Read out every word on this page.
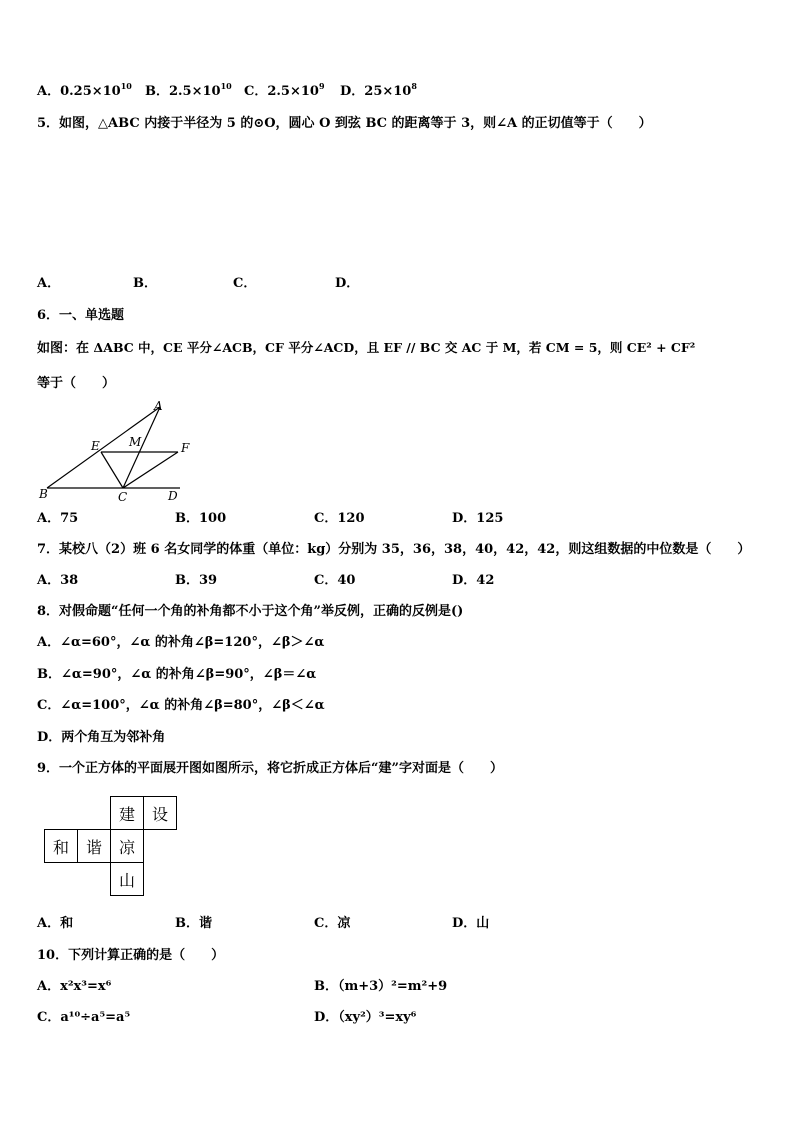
A．$0.25\times 10^{10}$ B．$2.5\times 10^{10}$ C．$2.5\times 10^9$ D．$25\times 10^8$
5．如图，△ABC 内接于半径为 5 的⊙O，圆心 O 到弦 BC 的距离等于 3，则∠A 的正切值等于（　　）
A．	B．	C．	D．
6．一、单选题
如图：在 ΔABC 中，CE 平分∠ACB，CF 平分∠ACD，且 EF // BC 交 AC 于 M，若 CM = 5，则 CE² + CF²
等于（　　）
A
E M	F
B	C	D
A．75	B．100	C．120	D．125
7．某校八（2）班 6 名女同学的体重（单位：kg）分别为 35，36，38，40，42，42，则这组数据的中位数是（　　）
A．38	B．39	C．40	D．42
8．对假命题“任何一个角的补角都不小于这个角”举反例，正确的反例是()
A．∠α=60°，∠α 的补角∠β=120°，∠β＞∠α
B．∠α=90°，∠α 的补角∠β=90°，∠β＝∠α
C．∠α=100°，∠α 的补角∠β=80°，∠β＜∠α
D．两个角互为邻补角
9．一个正方体的平面展开图如图所示，将它折成正方体后“建”字对面是（　　）
建	设
和	谐	凉
山
A．和	B．谐	C．凉	D．山
10．下列计算正确的是（　　）
A．x²x³=x⁶	B．（m+3）²=m²+9
C．a¹⁰÷a⁵=a⁵	D．（xy²）³=xy⁶
